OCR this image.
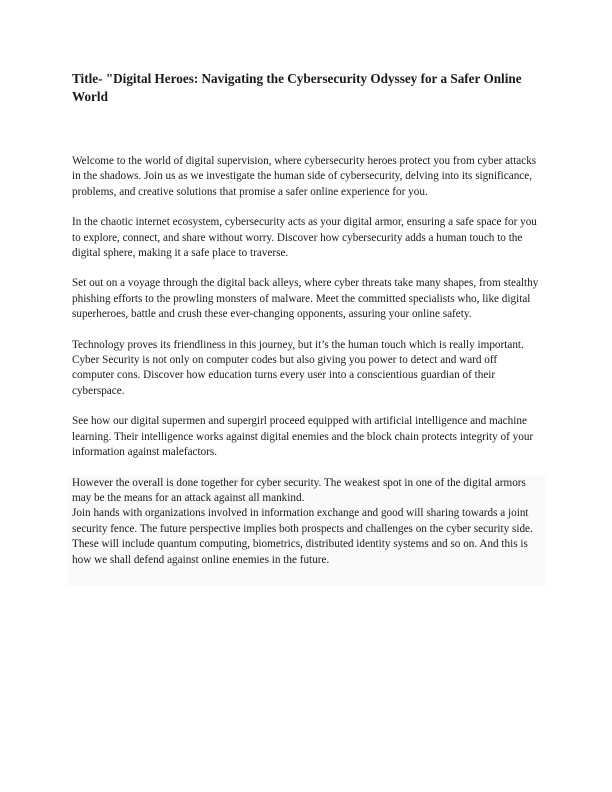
Title- "Digital Heroes: Navigating the Cybersecurity Odyssey for a Safer Online World

Welcome to the world of digital supervision, where cybersecurity heroes protect you from cyber attacks in the shadows. Join us as we investigate the human side of cybersecurity, delving into its significance, problems, and creative solutions that promise a safer online experience for you.

In the chaotic internet ecosystem, cybersecurity acts as your digital armor, ensuring a safe space for you to explore, connect, and share without worry. Discover how cybersecurity adds a human touch to the digital sphere, making it a safe place to traverse.

Set out on a voyage through the digital back alleys, where cyber threats take many shapes, from stealthy phishing efforts to the prowling monsters of malware. Meet the committed specialists who, like digital superheroes, battle and crush these ever-changing opponents, assuring your online safety.

Technology proves its friendliness in this journey, but it’s the human touch which is really important. Cyber Security is not only on computer codes but also giving you power to detect and ward off computer cons. Discover how education turns every user into a conscientious guardian of their cyberspace.

See how our digital supermen and supergirl proceed equipped with artificial intelligence and machine learning. Their intelligence works against digital enemies and the block chain protects integrity of your information against malefactors.

However the overall is done together for cyber security. The weakest spot in one of the digital armors may be the means for an attack against all mankind.

Join hands with organizations involved in information exchange and good will sharing towards a joint security fence. The future perspective implies both prospects and challenges on the cyber security side. These will include quantum computing, biometrics, distributed identity systems and so on. And this is how we shall defend against online enemies in the future.
